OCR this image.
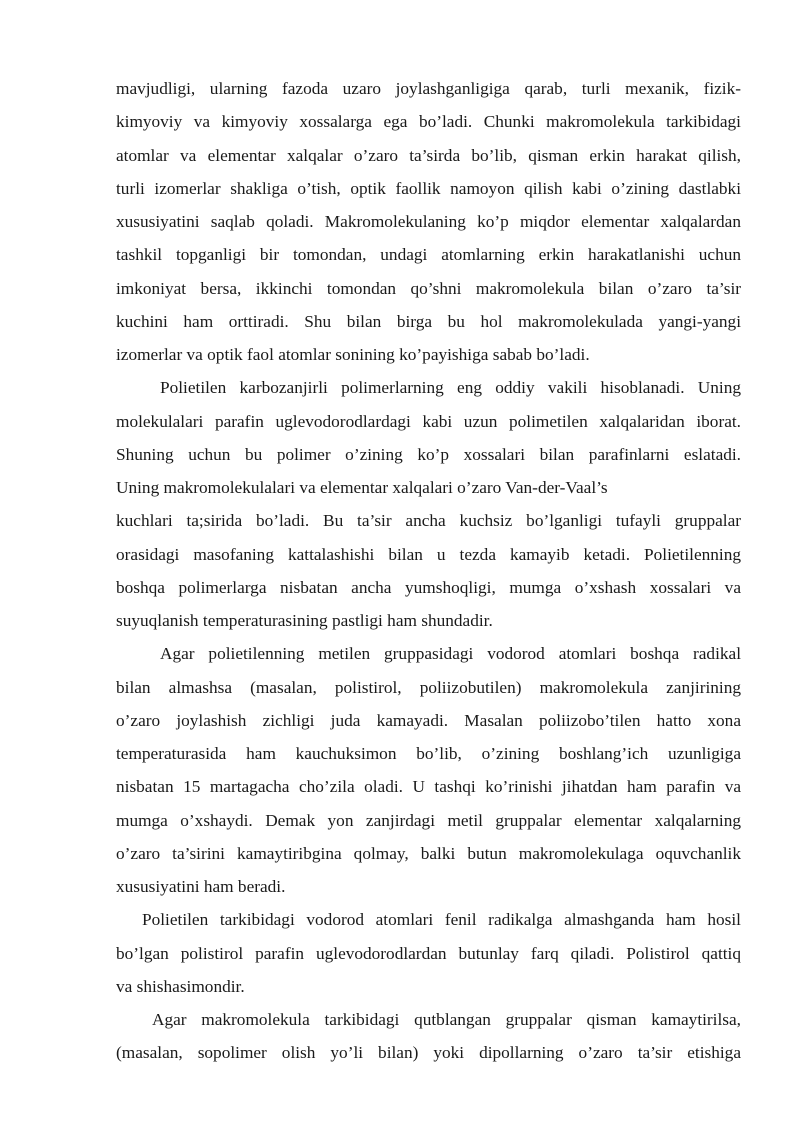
mavjudligi, ularning fazoda uzaro joylashganligiga qarab, turli mexanik, fizik-
kimyoviy va kimyoviy xossalarga ega bo’ladi. Chunki makromolekula tarkibidagi
atomlar va elementar xalqalar o’zaro ta’sirda bo’lib, qisman erkin harakat qilish,
turli izomerlar shakliga o’tish, optik faollik namoyon qilish kabi o’zining dastlabki
xususiyatini saqlab qoladi. Makromolekulaning ko’p miqdor elementar xalqalardan
tashkil topganligi bir tomondan, undagi atomlarning erkin harakatlanishi uchun
imkoniyat bersa, ikkinchi tomondan qo’shni makromolekula bilan o’zaro ta’sir
kuchini ham orttiradi. Shu bilan birga bu hol makromolekulada yangi-yangi
izomerlar va optik faol atomlar sonining ko’payishiga sabab bo’ladi.
Polietilen karbozanjirli polimerlarning eng oddiy vakili hisoblanadi. Uning
molekulalari parafin uglevodorodlardagi kabi uzun polimetilen xalqalaridan iborat.
Shuning uchun bu polimer o’zining ko’p xossalari bilan parafinlarni eslatadi.
Uning makromolekulalari va elementar xalqalari o’zaro Van-der-Vaal’s
kuchlari ta;sirida bo’ladi. Bu ta’sir ancha kuchsiz bo’lganligi tufayli gruppalar
orasidagi masofaning kattalashishi bilan u tezda kamayib ketadi. Polietilenning
boshqa polimerlarga nisbatan ancha yumshoqligi, mumga o’xshash xossalari va
suyuqlanish temperaturasining pastligi ham shundadir.
Agar polietilenning metilen gruppasidagi vodorod atomlari boshqa radikal
bilan almashsa (masalan, polistirol, poliizobutilen) makromolekula zanjirining
o’zaro joylashish zichligi juda kamayadi. Masalan poliizobo’tilen hatto xona
temperaturasida ham kauchuksimon bo’lib, o’zining boshlang’ich uzunligiga
nisbatan 15 martagacha cho’zila oladi. U tashqi ko’rinishi jihatdan ham parafin va
mumga o’xshaydi. Demak yon zanjirdagi metil gruppalar elementar xalqalarning
o’zaro ta’sirini kamaytiribgina qolmay, balki butun makromolekulaga oquvchanlik
xususiyatini ham beradi.
Polietilen tarkibidagi vodorod atomlari fenil radikalga almashganda ham hosil
bo’lgan polistirol parafin uglevodorodlardan butunlay farq qiladi. Polistirol qattiq
va shishasimondir.
Agar makromolekula tarkibidagi qutblangan gruppalar qisman kamaytirilsa,
(masalan, sopolimer olish yo’li bilan) yoki dipollarning o’zaro ta’sir etishiga
